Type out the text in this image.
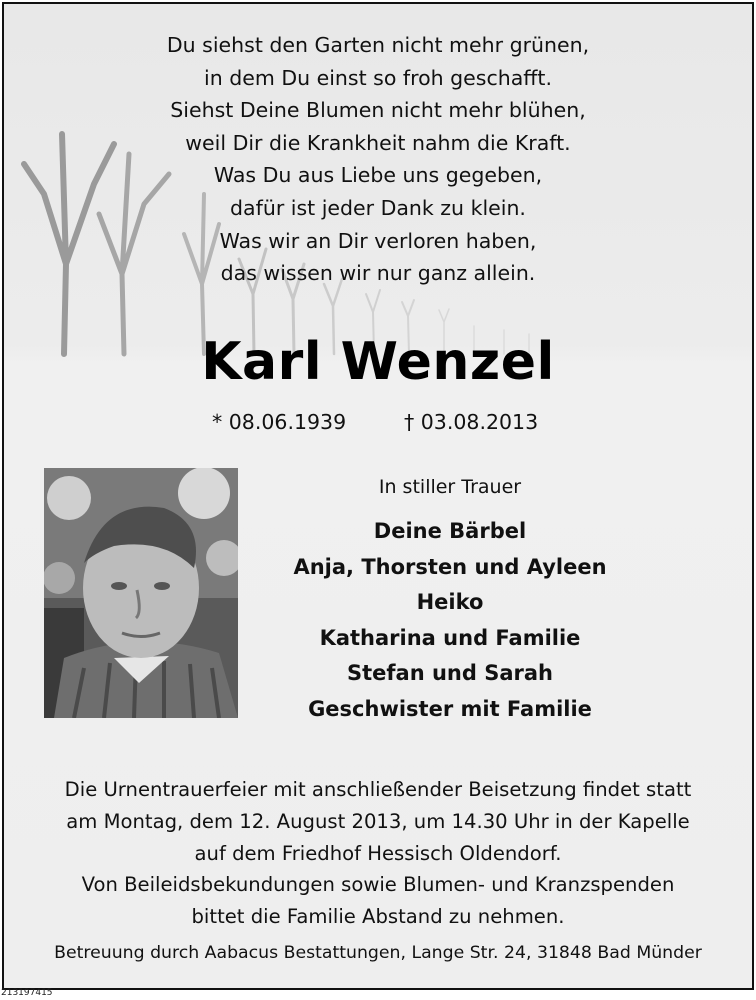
Du siehst den Garten nicht mehr grünen,
in dem Du einst so froh geschafft.
Siehst Deine Blumen nicht mehr blühen,
weil Dir die Krankheit nahm die Kraft.
Was Du aus Liebe uns gegeben,
dafür ist jeder Dank zu klein.
Was wir an Dir verloren haben,
das wissen wir nur ganz allein.
Karl Wenzel
* 08.06.1939	† 03.08.2013
In stiller Trauer
Deine Bärbel
Anja, Thorsten und Ayleen
Heiko
Katharina und Familie
Stefan und Sarah
Geschwister mit Familie
Die Urnentrauerfeier mit anschließender Beisetzung findet statt
am Montag, dem 12. August 2013, um 14.30 Uhr in der Kapelle
auf dem Friedhof Hessisch Oldendorf.
Von Beileidsbekundungen sowie Blumen- und Kranzspenden
bittet die Familie Abstand zu nehmen.
Betreuung durch Aabacus Bestattungen, Lange Str. 24, 31848 Bad Münder
213197415
